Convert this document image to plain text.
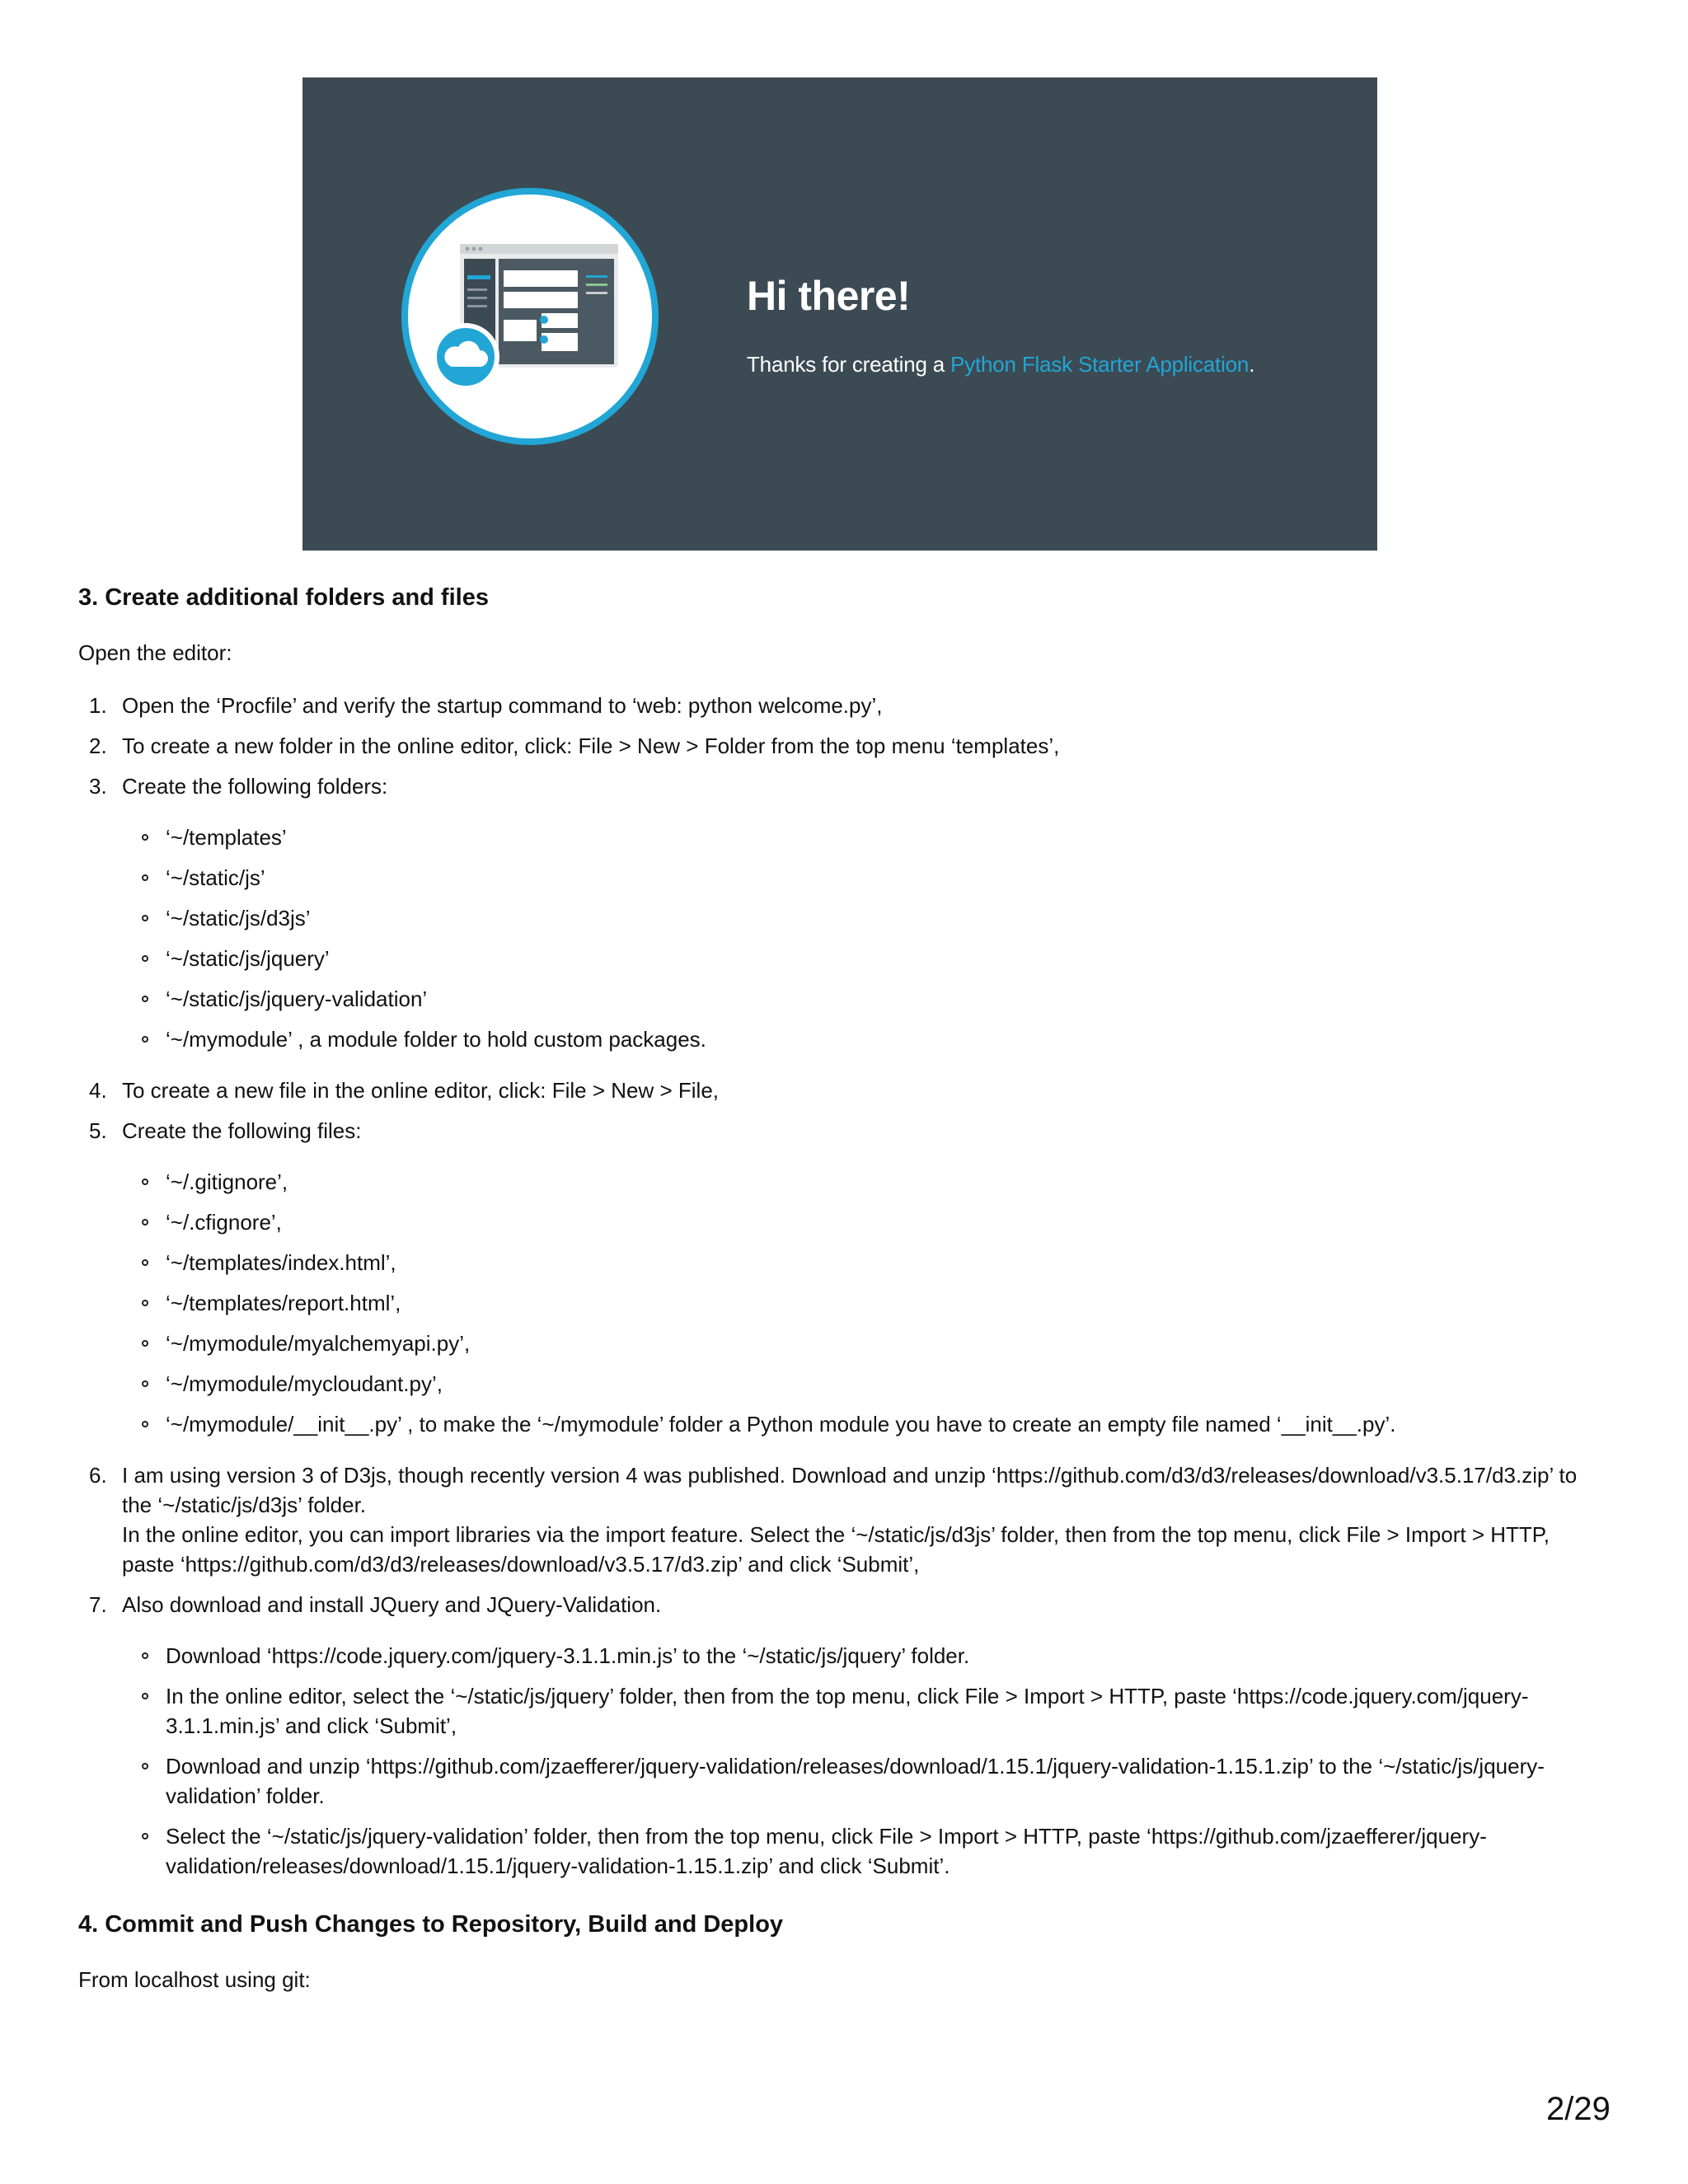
Hi there!
Thanks for creating a Python Flask Starter Application.
3. Create additional folders and files
Open the editor:
1. Open the ‘Procfile’ and verify the startup command to ‘web: python welcome.py’,
2. To create a new folder in the online editor, click: File > New > Folder from the top menu ‘templates’,
3. Create the following folders:
‘~/templates’
‘~/static/js’
‘~/static/js/d3js’
‘~/static/js/jquery’
‘~/static/js/jquery-validation’
‘~/mymodule’ , a module folder to hold custom packages.
4. To create a new file in the online editor, click: File > New > File,
5. Create the following files:
‘~/.gitignore’,
‘~/.cfignore’,
‘~/templates/index.html’,
‘~/templates/report.html’,
‘~/mymodule/myalchemyapi.py’,
‘~/mymodule/mycloudant.py’,
‘~/mymodule/__init__.py’ , to make the ‘~/mymodule’ folder a Python module you have to create an empty file named ‘__init__.py’.
6. I am using version 3 of D3js, though recently version 4 was published. Download and unzip ‘https://github.com/d3/d3/releases/download/v3.5.17/d3.zip’ to the ‘~/static/js/d3js’ folder.
In the online editor, you can import libraries via the import feature. Select the ‘~/static/js/d3js’ folder, then from the top menu, click File > Import > HTTP, paste ‘https://github.com/d3/d3/releases/download/v3.5.17/d3.zip’ and click ‘Submit’,
7. Also download and install JQuery and JQuery-Validation.
Download ‘https://code.jquery.com/jquery-3.1.1.min.js’ to the ‘~/static/js/jquery’ folder.
In the online editor, select the ‘~/static/js/jquery’ folder, then from the top menu, click File > Import > HTTP, paste ‘https://code.jquery.com/jquery-3.1.1.min.js’ and click ‘Submit’,
Download and unzip ‘https://github.com/jzaefferer/jquery-validation/releases/download/1.15.1/jquery-validation-1.15.1.zip’ to the ‘~/static/js/jquery-validation’ folder.
Select the ‘~/static/js/jquery-validation’ folder, then from the top menu, click File > Import > HTTP, paste ‘https://github.com/jzaefferer/jquery-validation/releases/download/1.15.1/jquery-validation-1.15.1.zip’ and click ‘Submit’.
4. Commit and Push Changes to Repository, Build and Deploy
From localhost using git:
2/29
